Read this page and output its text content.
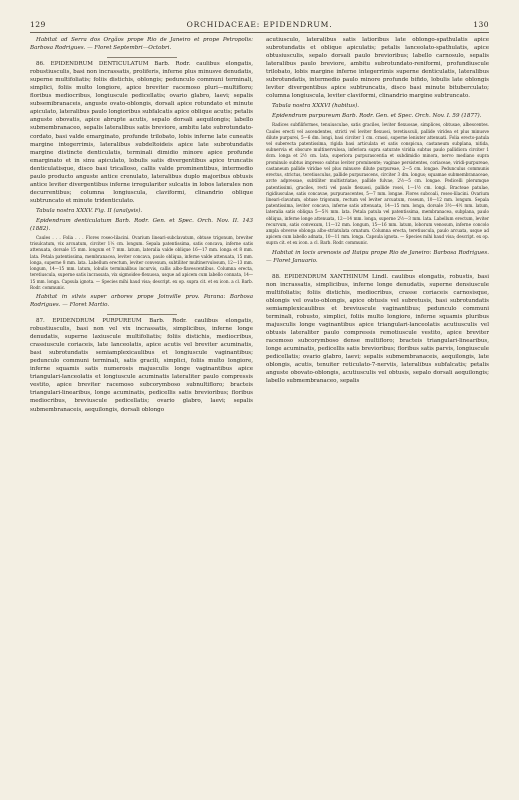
129	ORCHIDACEAE: EPIDENDRUM.	130

Habitat ad Serra dos Orgãos prope Rio de Janeiro et prope Petropolis: Barbosa Rodrigues. — Floret Septembri—Octobri.

86. EPIDENDRUM DENTICULATUM Barb. Rodr. caulibus elongatis, robustiusculis, basi non incrassatis, proliferis, inferne plus minusve denudatis, superne multifoliatis; foliis distichis, oblongis; pedunculo communi terminali, simplici, foliis multo longiore, apice breviter racemoso pluri—multifloro; floribus mediocribus, longiuscule pedicellatis; ovario glabro, laevi; sepalis subsemibranaceis, anguste ovato-oblongis, dorsali apice rotundato et minute apiculato, lateralibus paulo longioribus subfalcatis apice oblique acutis; petalis anguste obovatis, apice abrupte acutis, sepalo dorsali aequilongis; labello submembranaceo, sepalis lateralibus satis breviore, ambitu late subrotundato-cordato, basi valde emarginato, profunde trilobato, lobis inferne late cuneatis margine integerrimis, lateralibus subdeltoideis apice late subrotundatis margine distincte denticulatis, terminali dimidio minore apice profunde emarginato et in sinu apiculato, lobulis satis divergentibus apice truncatis denticulatisque, disco basi tricalloso, callis valde prominentibus, intermedio paulo producto anguste antice crenulato, lateralibus duplo majoribus obtusis antice leviter divergentibus inferne irregulariter sulcatis in lobos laterales non decurrentibus; columna longiuscula, claviformi, clinandrio oblique subtruncato et minute tridenticulato.

Tabula nostra XXXV. Fig. II (analysis).

Epidendrum denticulatum Barb. Rodr. Gen. et Spec. Orch. Nov. II. 143 (1882).

Caules . . . Folia . . . Flores roseo-lilacini. Ovarium lineari-subclavatum, obtuse trigonum, breviter trisulcatum, vix arcuatum, circiter 1⅓ cm. longum. Sepala patentissima, satis concava, inferne satis attenuata, dorsale 15 mm. longum et 7 mm. latum, lateralia valde oblique 16—17 mm. longa et 8 mm. lata. Petala patentissima, membranacea, leviter concava, paulo obliqua, inferne valde attenuata, 15 mm. longa, superne 8 mm. lata. Labellum erectum, leviter convexum, subtiliter multinervulosum, 12—13 mm. longum, 14—15 mm. latum, lobulis terminalibus incurvis, callis albo-flavescentibus. Columna erecta, teretiuscula, superne satis incrassata, vix sigmoideo-flexuosa, usque ad apicem cum labello connata, 14—15 mm. longa. Capsula ignota. — Species mihi haud visa; descript. ex op. supra cit. et ex icon. a cl. Barb. Rodr. communic.

Habitat in silvis super arbores prope Joinville prov. Parana: Barbosa Rodrigues. — Floret Martio.

87. EPIDENDRUM PURPUREUM Barb. Rodr. caulibus elongatis, robustiusculis, basi non vel vix incrassatis, simplicibus, inferne longe denudatis, superne laxiuscule multifoliatis; foliis distichis, mediocribus, crassiuscule coriaceis, late lanceolatis, apice acutis vel breviter acuminatis, basi subrotundatis semiamplexicaulibus et longiuscule vaginantibus; pedunculo communi terminali, satis gracili, simplici, foliis multo longiore, inferne squamis satis numerosis majusculis longe vaginantibus apice triangulari-lanceolatis et longiuscule acuminatis lateraliter paulo compressis vestito, apice breviter racemoso subcorymboso subnultifloro; bracteis triangulari-linearibus, longe acuminatis, pedicellis satis brevioribus; floribus mediocribus, breviuscule pedicellatis; ovario glabro, laevi; sepalis submembranaceis, aequilongis, dorsali oblongo

acutiusculo, lateralibus satis latioribus late oblongo-spathulatis apice subrotundatis et oblique apiculatis; petalis lanceolato-spathulatis, apice obtusiusculis, sepalo dorsali paulo brevioribus; labello carnosulo, sepalis lateralibus paulo breviore, ambitu subrotundato-reniformi, profundiuscule trilobato, lobis margine inferne integerrimis superne denticulatis, lateralibus subrotundatis, intermedio paulo minore profunde bifido, lobulis late oblongis leviter divergentibus apice subtruncatis, disco basi minute bituberculato; columna longiuscula, leviter claviformi, clinandrio margine subtruncato.

Tabula nostra XXXVI (habitus).

Epidendrum purpureum Barb. Rodr. Gen. et Spec. Orch. Nov. I. 59 (1877).

Radices subfiliformes, tenuiusculae, satis graciles, leviter flexuosae, simplices, obtusae, albescentes. Caules erecti vel ascendentes, stricti vel leviter flexuosi, teretiusculi, pallide viridea et plus minusve dilute purpurei, 5—6 dm. longi, basi circiter 1 cm. crassi, superne leniuter attenuati. Folia erecto-patula vel suberecta patentissima, rigida basi articulata et satis conspicua, castaneum subplana, nitida, subnervia et obscure multinervulosa, inferiora supra saturate viridia subtus paulo pallidiora circiter 1 dcm. longa et 2½ cm. lata, superiora purpurascentia et subdimidio minora, nervo mediano supra prominulo subtus impresso subtus leviter prominente; vaginae persistentes, coriaceae, viridi-purpureae, castaneum pallide viridae vel plus minusve dilute purpureae, 2—5 cm. longae. Pedunculus communis erectus, strictus, teretiusculus, pallide purpurascens, circiter 3 dm. longus; squamae submembranaceae, arcte adpressae, subtiliter multistriatae, pallide fulvae, 2½—5 cm. longae. Pedicelli plerumque patentissimi, graciles, recti vel paulo flexuosi, pallide rosei, 1—1½ cm. longi. Bracteae patulae, rigidiusculae, satis concavae, purpurascentes, 5—7 mm. longae. Flores subcoali, roseo-lilacini. Ovarium lineari-clavatum, obtuse trigonum, rectum vel leviter arcuatum, roseum, 10—12 mm. longum. Sepala patentissima, leviter concava, inferne satis attenuata, 14—15 mm. longa, dorsale 3½—4½ mm. latum, lateralia satis obliqua 5—5½ mm. lata. Petala patula vel patentissima, membranacea, subplana, paulo obliqua, inferne longe attenuata, 12—14 mm. longa, superne 2½—3 mm. lata. Labellum erectum, leviter recurvum, satis convexum, 11—12 mm. longum, 15—16 mm. latum, loborum venosum, inferne concolo ampla obverse oblonga albo-striatulata ornatum. Columna erecta, teretiuscula, paulo arcuata, usque ad apicem cum labello adnata, 10—11 mm. longa. Capsula ignota. — Species mihi haud visa; descript. ex op. supra cit. et ex icon. a cl. Barb. Rodr. communic.

Habitat in locis arenosis ad Itaipu prope Rio de Janeiro: Barbosa Rodrigues. — Floret Januario.

88. EPIDENDRUM XANTHINUM Lindl. caulibus elongatis, robustis, basi non incrassatis, simplicibus, inferne longe denudatis, superne densiuscule multifoliatis; foliis distichis, mediocribus, crasse coriaceis carnosisque, oblongis vel ovato-oblongis, apice obtusis vel subretusis, basi subrotundatis semiamplexicaulibus et breviuscule vaginantibus; pedunculo communi terminali, robusto, simplici, foliis multo longiore, inferne squamis pluribus majusculis longe vaginantibus apice triangulari-lanceolatis acutiusculis vel obtusis lateraliter paulo compressis remotiuscule vestito, apice breviter racemoso subcorymboso dense multifloro; bracteis triangulari-linearibus, longe acuminatis, pedicellis satis brevioribus; floribus satis parvis, longiuscule pedicellatis; ovario glabro, laevi; sepalis submembranaceis, aequilongis, late oblongis, acutis, tenuiter reticulato-7-nerviis, lateralibus subfalcatis; petalis anguste obovato-oblongis, acutiusculis vel obtusis, sepalo dorsali aequilongis; labello submembranaceo, sepalis
